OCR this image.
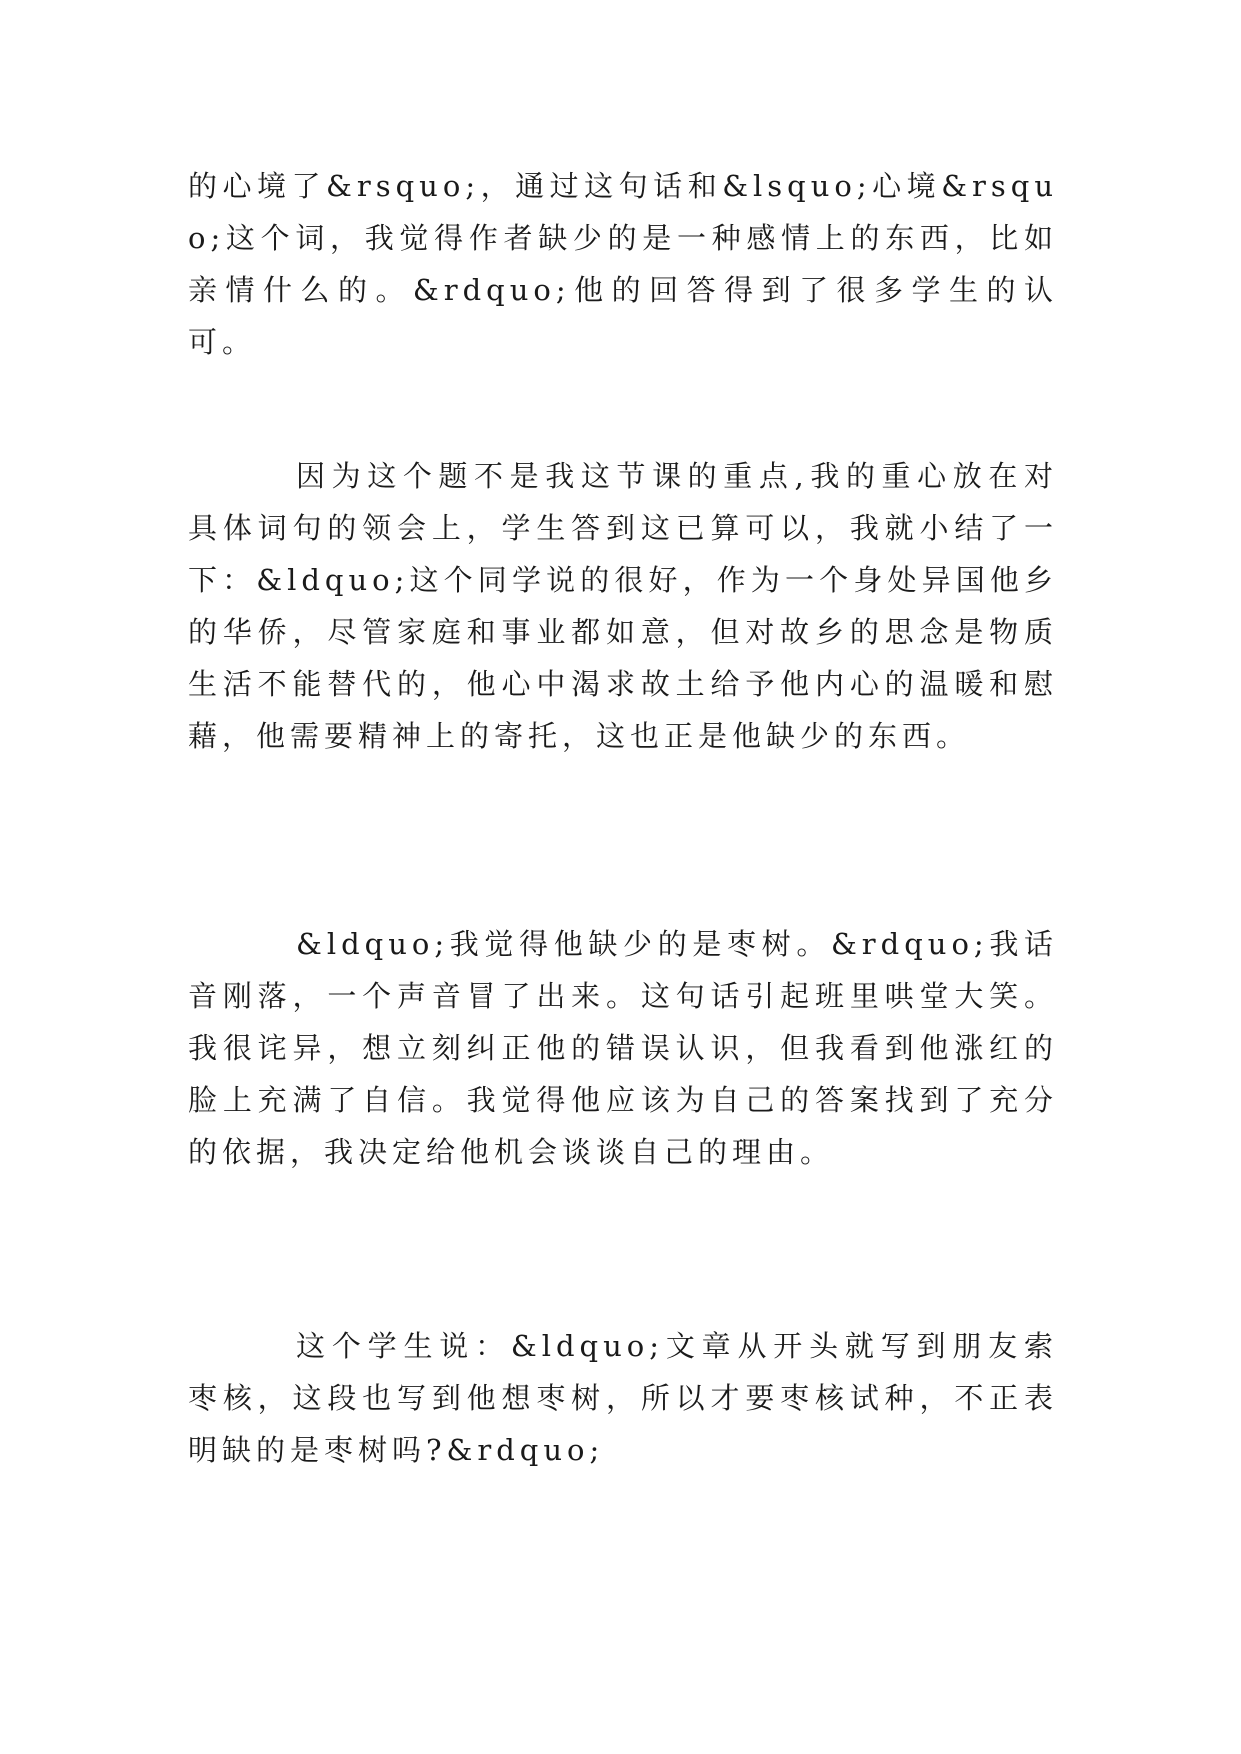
的心境了&rsquo;，通过这句话和&lsquo;心境&rsquo;这个词，我觉得作者缺少的是一种感情上的东西，比如亲情什么的。&rdquo;他的回答得到了很多学生的认可。

因为这个题不是我这节课的重点,我的重心放在对具体词句的领会上，学生答到这已算可以，我就小结了一下：&ldquo;这个同学说的很好，作为一个身处异国他乡的华侨，尽管家庭和事业都如意，但对故乡的思念是物质生活不能替代的，他心中渴求故土给予他内心的温暖和慰藉，他需要精神上的寄托，这也正是他缺少的东西。

&ldquo;我觉得他缺少的是枣树。&rdquo;我话音刚落，一个声音冒了出来。这句话引起班里哄堂大笑。我很诧异，想立刻纠正他的错误认识，但我看到他涨红的脸上充满了自信。我觉得他应该为自己的答案找到了充分的依据，我决定给他机会谈谈自己的理由。

这个学生说：&ldquo;文章从开头就写到朋友索枣核，这段也写到他想枣树，所以才要枣核试种，不正表明缺的是枣树吗?&rdquo;
